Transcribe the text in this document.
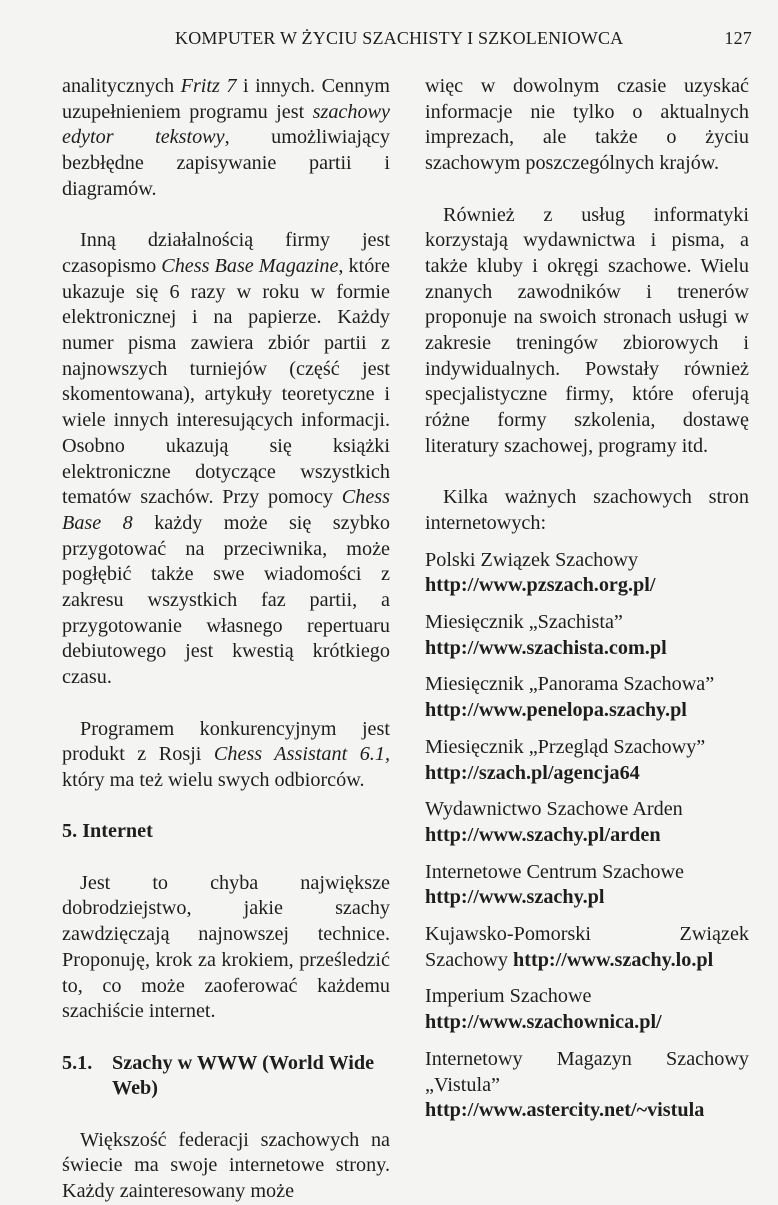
KOMPUTER W ŻYCIU SZACHISTY I SZKOLENIOWCA	127

analitycznych Fritz 7 i innych. Cennym uzupełnieniem programu jest szachowy edytor tekstowy, umożliwiający bezbłędne zapisywanie partii i diagramów.

Inną działalnością firmy jest czasopismo Chess Base Magazine, które ukazuje się 6 razy w roku w formie elektronicznej i na papierze. Każdy numer pisma zawiera zbiór partii z najnowszych turniejów (część jest skomentowana), artykuły teoretyczne i wiele innych interesujących informacji. Osobno ukazują się książki elektroniczne dotyczące wszystkich tematów szachów. Przy pomocy Chess Base 8 każdy może się szybko przygotować na przeciwnika, może pogłębić także swe wiadomości z zakresu wszystkich faz partii, a przygotowanie własnego repertuaru debiutowego jest kwestią krótkiego czasu.

Programem konkurencyjnym jest produkt z Rosji Chess Assistant 6.1, który ma też wielu swych odbiorców.

5. Internet

Jest to chyba największe dobrodziejstwo, jakie szachy zawdzięczają najnowszej technice. Proponuję, krok za krokiem, prześledzić to, co może zaoferować każdemu szachiście internet.

5.1. Szachy w WWW (World Wide Web)

Większość federacji szachowych na świecie ma swoje internetowe strony. Każdy zainteresowany może

więc w dowolnym czasie uzyskać informacje nie tylko o aktualnych imprezach, ale także o życiu szachowym poszczególnych krajów.

Również z usług informatyki korzystają wydawnictwa i pisma, a także kluby i okręgi szachowe. Wielu znanych zawodników i trenerów proponuje na swoich stronach usługi w zakresie treningów zbiorowych i indywidualnych. Powstały również specjalistyczne firmy, które oferują różne formy szkolenia, dostawę literatury szachowej, programy itd.

Kilka ważnych szachowych stron internetowych:

Polski Związek Szachowy
http://www.pzszach.org.pl/

Miesięcznik „Szachista”
http://www.szachista.com.pl

Miesięcznik „Panorama Szachowa”
http://www.penelopa.szachy.pl

Miesięcznik „Przegląd Szachowy”
http://szach.pl/agencja64

Wydawnictwo Szachowe Arden
http://www.szachy.pl/arden

Internetowe Centrum Szachowe
http://www.szachy.pl

Kujawsko-Pomorski Związek Szachowy http://www.szachy.lo.pl

Imperium Szachowe
http://www.szachownica.pl/

Internetowy Magazyn Szachowy „Vistula”
http://www.astercity.net/~vistula
